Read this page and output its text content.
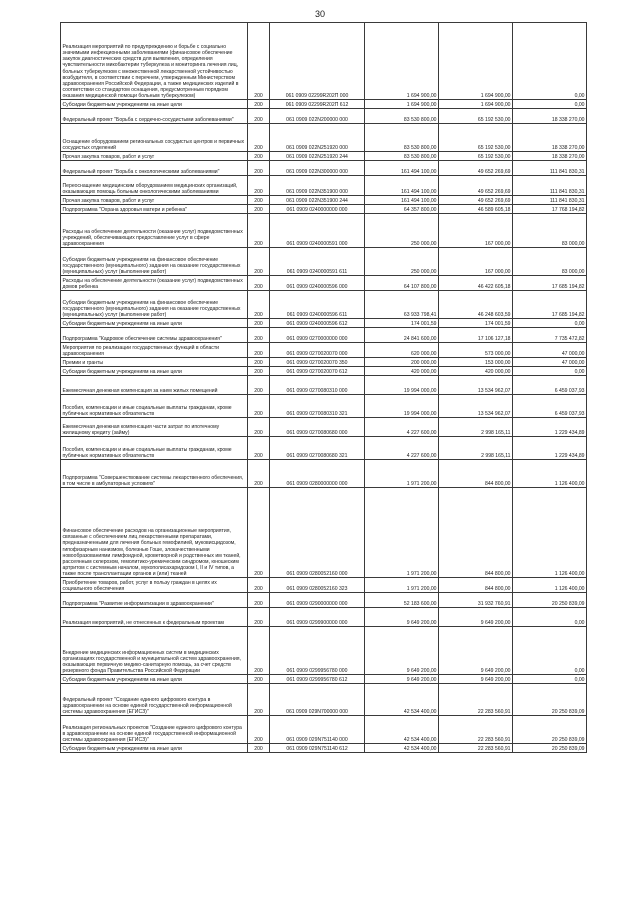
30
Реализация мероприятий по предупреждению и борьбе с социально значимыми инфекционными заболеваниями (финансовое обеспечение закупок диагностических средств для выявления, определения чувствительности микобактерии туберкулеза и мониторинга лечения лиц, больных туберкулезом с множественной лекарственной устойчивостью возбудителя, в соответствии с перечнем, утвержденным Министерством здравоохранения Российской Федерации, а также медицинских изделий в соответствии со стандартом оснащения, предусмотренным порядком оказания медицинской помощи больным туберкулезом)	200	061 0909 02299R202П 000	1 694 900,00	1 694 900,00	0,00
Субсидии бюджетным учреждениям на иные цели	200	061 0909 02299R202П 612	1 694 900,00	1 694 900,00	0,00
Федеральный проект "Борьба с сердечно-сосудистыми заболеваниями"	200	061 0909 022N200000 000	83 530 800,00	65 192 530,00	18 338 270,00
Оснащение оборудованием региональных сосудистых центров и первичных сосудистых отделений	200	061 0909 022N251920 000	83 530 800,00	65 192 530,00	18 338 270,00
Прочая закупка товаров, работ и услуг	200	061 0909 022N251920 244	83 530 800,00	65 192 530,00	18 338 270,00
Федеральный проект "Борьба с онкологическими заболеваниями"	200	061 0909 022N300000 000	161 494 100,00	49 652 269,69	111 841 830,31
Переоснащение медицинским оборудованием медицинских организаций, оказывающих помощь больным онкологическими заболеваниями	200	061 0909 022N351900 000	161 494 100,00	49 652 269,69	111 841 830,31
Прочая закупка товаров, работ и услуг	200	061 0909 022N351900 244	161 494 100,00	49 652 269,69	111 841 830,31
Подпрограмма "Охрана здоровья матери и ребенка"	200	061 0909 0240000000 000	64 357 800,00	46 589 605,18	17 768 194,82
Расходы на обеспечение деятельности (оказание услуг) подведомственных учреждений, обеспечивающих предоставление услуг в сфере здравоохранения	200	061 0909 0240000591 000	250 000,00	167 000,00	83 000,00
Субсидии бюджетным учреждениям на финансовое обеспечение государственного (муниципального) задания на оказание государственных (муниципальных) услуг (выполнение работ)	200	061 0909 0240000591 611	250 000,00	167 000,00	83 000,00
Расходы на обеспечение деятельности (оказание услуг) подведомственных домов ребенка	200	061 0909 0240000596 000	64 107 800,00	46 422 605,18	17 685 194,82
Субсидии бюджетным учреждениям на финансовое обеспечение государственного (муниципального) задания на оказание государственных (муниципальных) услуг (выполнение работ)	200	061 0909 0240000596 611	63 933 798,41	46 248 603,59	17 685 194,82
Субсидии бюджетным учреждениям на иные цели	200	061 0909 0240000596 612	174 001,59	174 001,59	0,00
Подпрограмма "Кадровое обеспечение системы здравоохранения"	200	061 0909 0270000000 000	24 841 600,00	17 106 127,18	7 735 472,82
Мероприятия по реализации государственных функций в области здравоохранения	200	061 0909 0270020070 000	620 000,00	573 000,00	47 000,00
Премии и гранты	200	061 0909 0270020070 350	200 000,00	153 000,00	47 000,00
Субсидии бюджетным учреждениям на иные цели	200	061 0909 0270020070 612	420 000,00	420 000,00	0,00
Ежемесячная денежная компенсация за наем жилых помещений	200	061 0909 0270080310 000	19 994 000,00	13 534 962,07	6 459 037,93
Пособия, компенсации и иные социальные выплаты гражданам, кроме публичных нормативных обязательств	200	061 0909 0270080310 321	19 994 000,00	13 534 962,07	6 459 037,93
Ежемесячная денежная компенсация части затрат по ипотечному жилищному кредиту (займу)	200	061 0909 0270080680 000	4 227 600,00	2 998 165,11	1 229 434,89
Пособия, компенсации и иные социальные выплаты гражданам, кроме публичных нормативных обязательств	200	061 0909 0270080680 321	4 227 600,00	2 998 165,11	1 229 434,89
Подпрограмма "Совершенствование системы лекарственного обеспечения, в том числе в амбулаторных условиях"	200	061 0909 0280000000 000	1 971 200,00	844 800,00	1 126 400,00
Финансовое обеспечение расходов на организационные мероприятия, связанные с обеспечением лиц лекарственными препаратами, предназначенными для лечения больных гемофилией, муковисцидозом, гипофизарным нанизмом, болезнью Гоше, злокачественными новообразованиями лимфоидной, кроветворной и родственных им тканей, рассеянным склерозом, гемолитико-уремическим синдромом, юношеским артритом с системным началом, мукополисахаридозом I, II и IV типов, а также после трансплантации органов и (или) тканей	200	061 0909 0280052160 000	1 971 200,00	844 800,00	1 126 400,00
Приобретение товаров, работ, услуг в пользу граждан в целях их социального обеспечения	200	061 0909 0280052160 323	1 971 200,00	844 800,00	1 126 400,00
Подпрограмма "Развитие информатизации в здравоохранении"	200	061 0909 0290000000 000	52 183 600,00	31 932 760,91	20 250 839,09
Реализация мероприятий, не отнесенных к федеральным проектам	200	061 0909 0299900000 000	9 649 200,00	9 649 200,00	0,00
Внедрение медицинских информационных систем в медицинских организациях государственной и муниципальной систем здравоохранения, оказывающих первичную медико-санитарную помощь, за счет средств резервного фонда Правительства Российской Федерации	200	061 0909 0299956780 000	9 649 200,00	9 649 200,00	0,00
Субсидии бюджетным учреждениям на иные цели	200	061 0909 0299956780 612	9 649 200,00	9 649 200,00	0,00
Федеральный проект "Создание единого цифрового контура в здравоохранении на основе единой государственной информационной системы здравоохранения (ЕГИСЗ)"	200	061 0909 029N700000 000	42 534 400,00	22 283 560,91	20 250 839,09
Реализация региональных проектов "Создание единого цифрового контура в здравоохранении на основе единой государственной информационной системы здравоохранения (ЕГИСЗ)"	200	061 0909 029N751140 000	42 534 400,00	22 283 560,91	20 250 839,09
Субсидии бюджетным учреждениям на иные цели	200	061 0909 029N751140 612	42 534 400,00	22 283 560,91	20 250 839,09
